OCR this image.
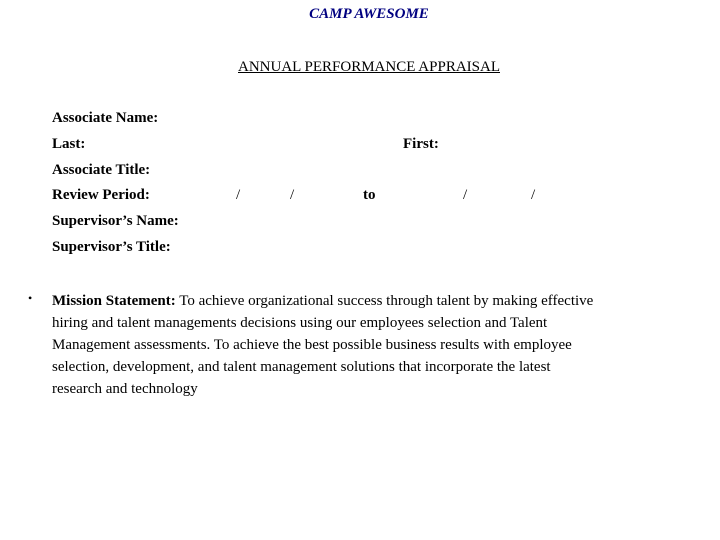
CAMP AWESOME
ANNUAL PERFORMANCE APPRAISAL
Associate Name:
Last:	First:
Associate Title:
Review Period:	/	/	to	/	/
Supervisor’s Name:
Supervisor’s Title:
• Mission Statement: To achieve organizational success through talent by making effective
hiring and talent managements decisions using our employees selection and Talent
Management assessments. To achieve the best possible business results with employee
selection, development, and talent management solutions that incorporate the latest
research and technology
